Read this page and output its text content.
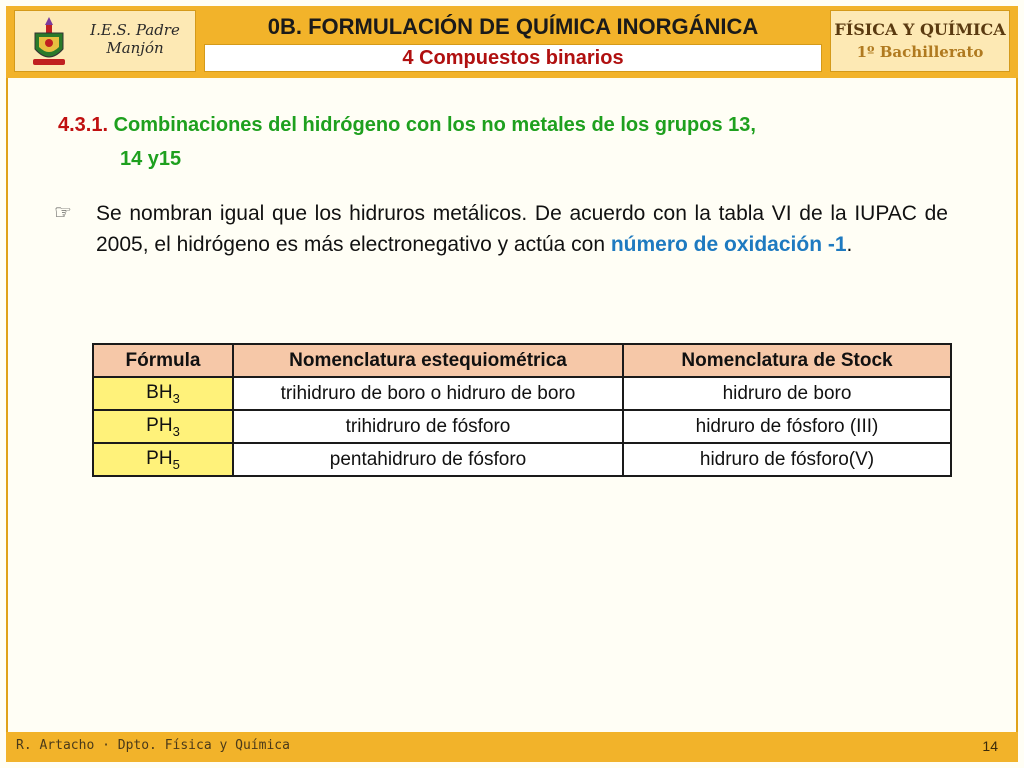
I.E.S. Padre
Manjón
0B. FORMULACIÓN DE QUÍMICA INORGÁNICA
4 Compuestos binarios
FÍSICA Y QUÍMICA
1º Bachillerato
4.3.1. Combinaciones del hidrógeno con los no metales de los grupos 13,
14 y15
☞ Se nombran igual que los hidruros metálicos. De acuerdo con la tabla VI de la IUPAC de 2005, el hidrógeno es más electronegativo y actúa con número de oxidación -1.
Fórmula	Nomenclatura estequiométrica	Nomenclatura de Stock
$BH_3$	trihidruro de boro o hidruro de boro	hidruro de boro
$PH_3$	trihidruro de fósforo	hidruro de fósforo (III)
$PH_5$	pentahidruro de fósforo	hidruro de fósforo(V)
R. Artacho · Dpto. Física y Química	14
